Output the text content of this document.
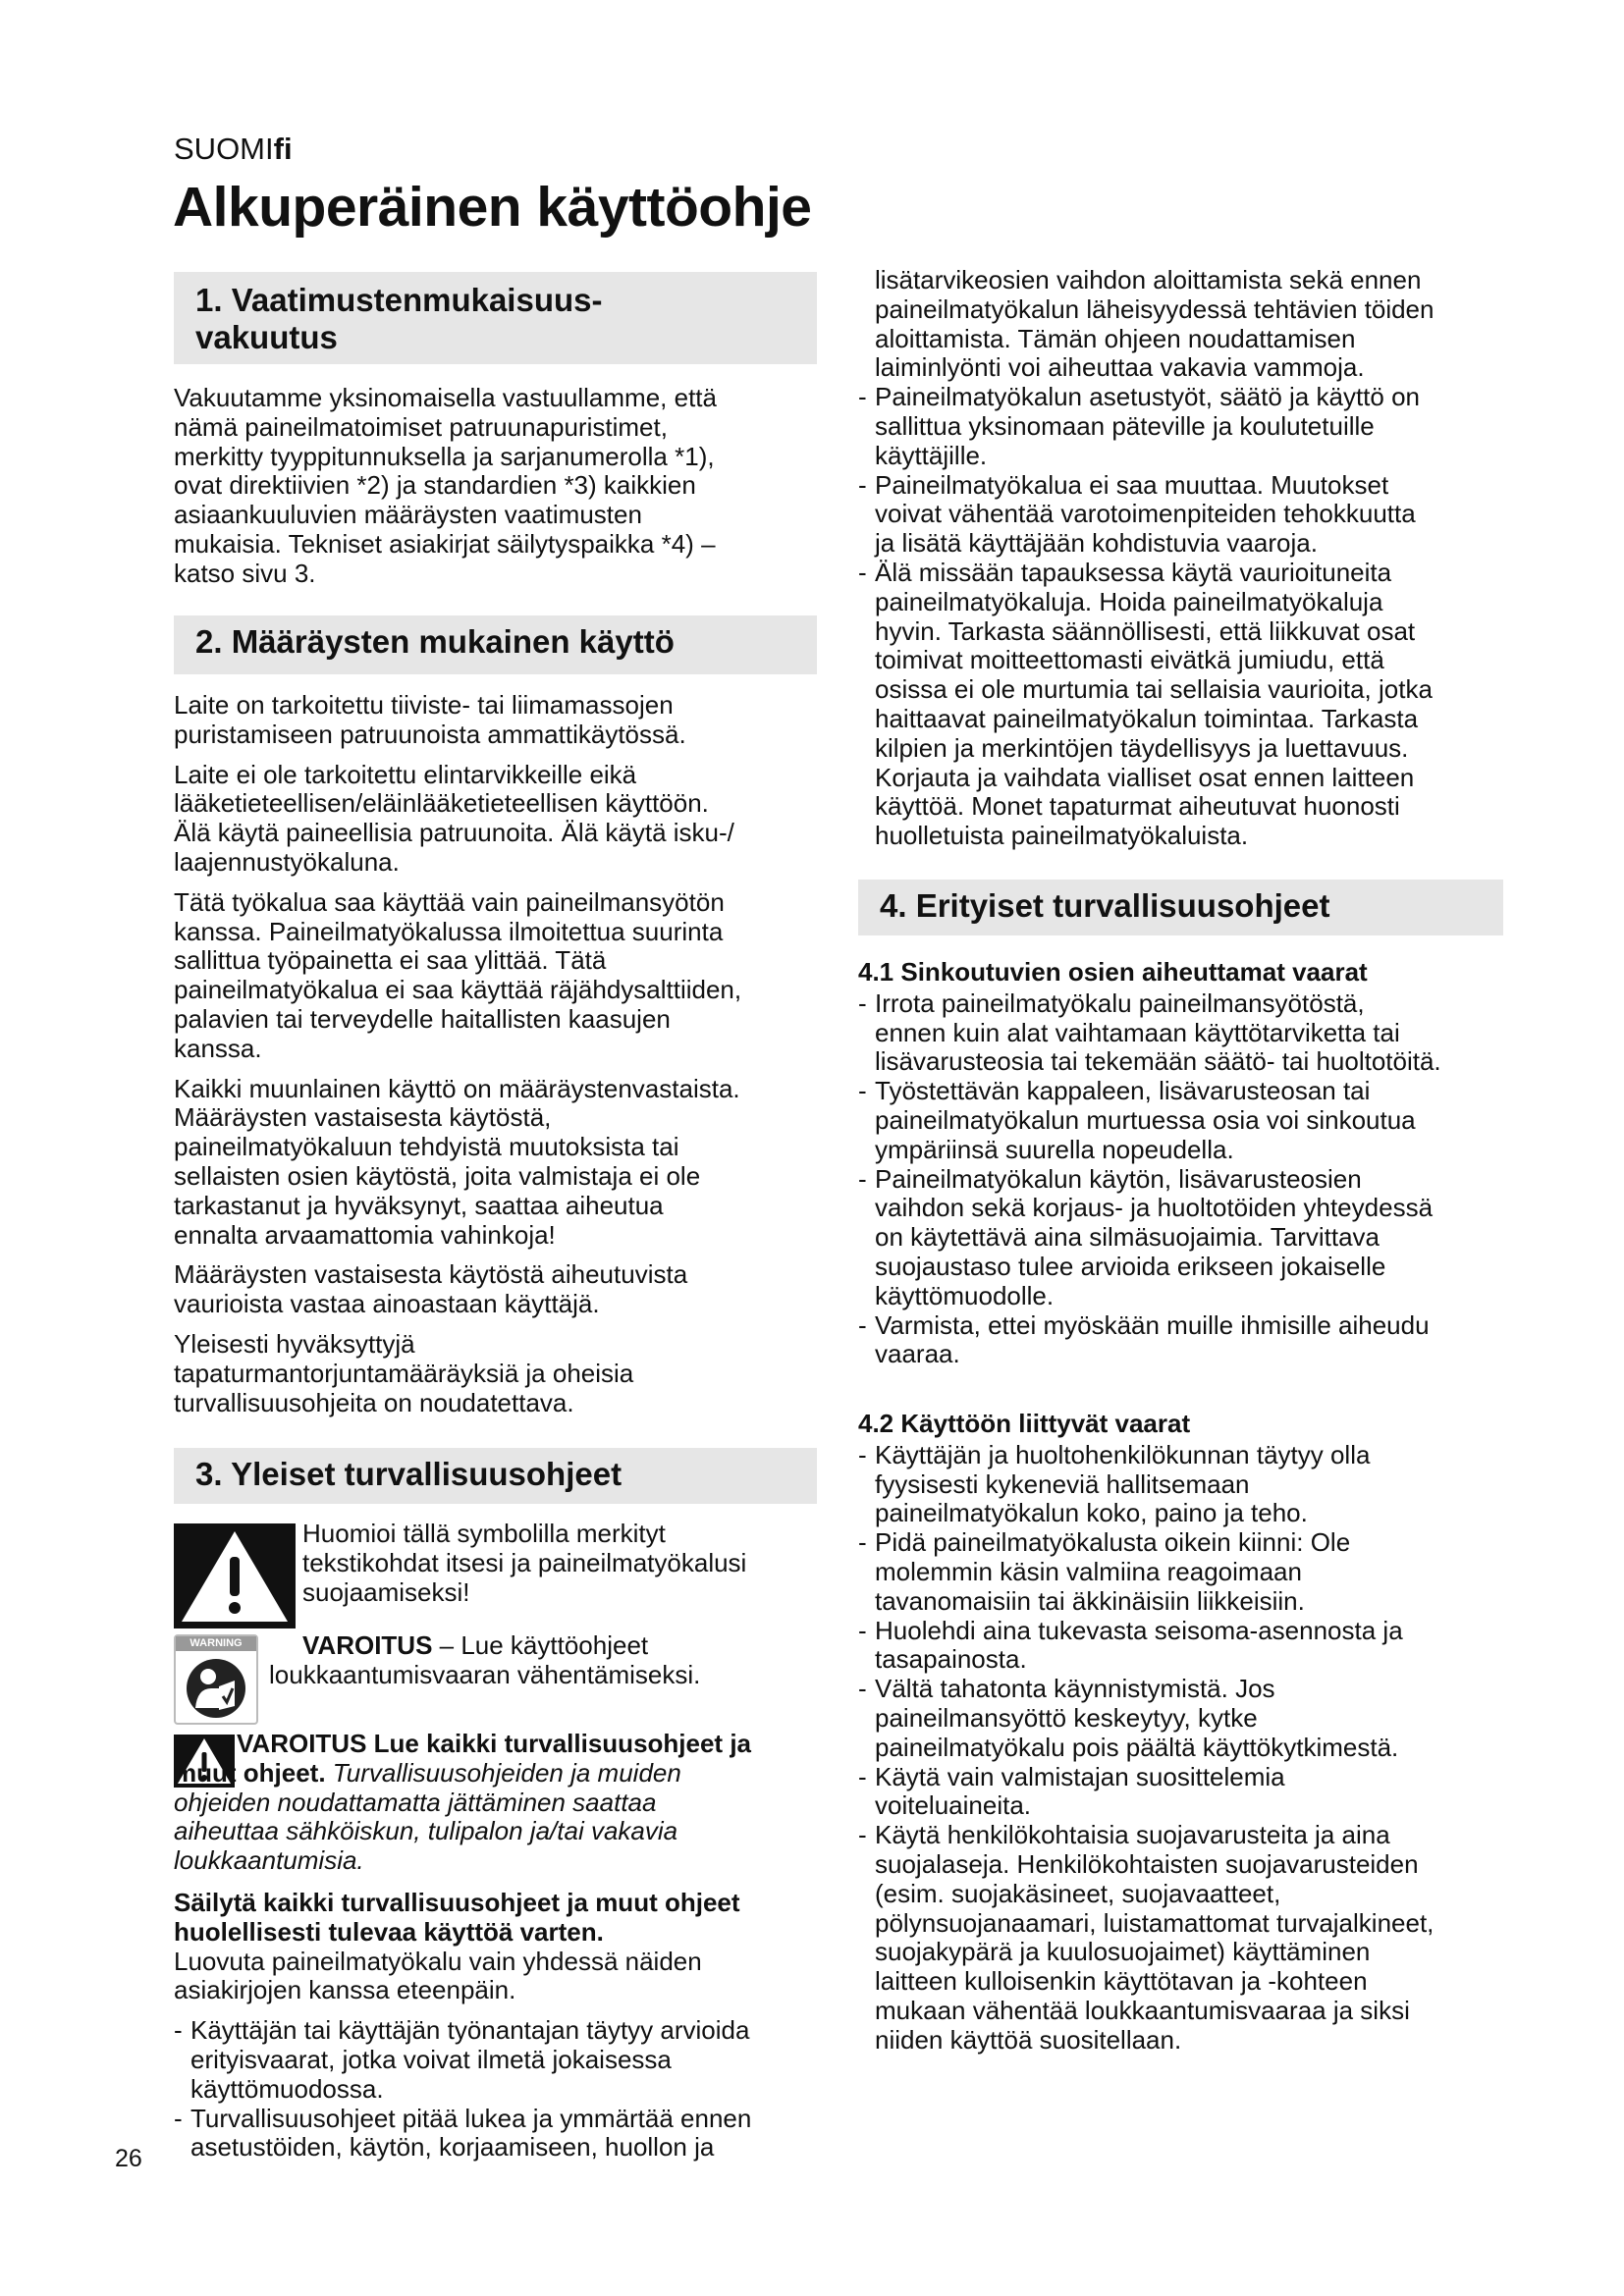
SUOMIfi
Alkuperäinen käyttöohje
1. Vaatimustenmukaisuus-
vakuutus

Vakuutamme yksinomaisella vastuullamme, että
nämä paineilmatoimiset patruunapuristimet,
merkitty tyyppitunnuksella ja sarjanumerolla *1),
ovat direktiivien *2) ja standardien *3) kaikkien
asiaankuuluvien määräysten vaatimusten
mukaisia. Tekniset asiakirjat säilytyspaikka *4) –
katso sivu 3.

2. Määräysten mukainen käyttö

Laite on tarkoitettu tiiviste- tai liimamassojen
puristamiseen patruunoista ammattikäytössä.

Laite ei ole tarkoitettu elintarvikkeille eikä
lääketieteellisen/eläinlääketieteellisen käyttöön.
Älä käytä paineellisia patruunoita. Älä käytä isku-/
laajennustyökaluna.

Tätä työkalua saa käyttää vain paineilmansyötön
kanssa. Paineilmatyökalussa ilmoitettua suurinta
sallittua työpainetta ei saa ylittää. Tätä
paineilmatyökalua ei saa käyttää räjähdysalttiiden,
palavien tai terveydelle haitallisten kaasujen
kanssa.

Kaikki muunlainen käyttö on määräystenvastaista.
Määräysten vastaisesta käytöstä,
paineilmatyökaluun tehdyistä muutoksista tai
sellaisten osien käytöstä, joita valmistaja ei ole
tarkastanut ja hyväksynyt, saattaa aiheutua
ennalta arvaamattomia vahinkoja!

Määräysten vastaisesta käytöstä aiheutuvista
vaurioista vastaa ainoastaan käyttäjä.

Yleisesti hyväksyttyjä
tapaturmantorjuntamääräyksiä ja oheisia
turvallisuusohjeita on noudatettava.

3. Yleiset turvallisuusohjeet
Huomioi tällä symbolilla merkityt
tekstikohdat itsesi ja paineilmatyökalusi
suojaamiseksi!
WARNING	VAROITUS – Lue käyttöohjeet
loukkaantumisvaaran vähentämiseksi.
VAROITUS Lue kaikki turvallisuusohjeet ja
muut ohjeet. Turvallisuusohjeiden ja muiden
ohjeiden noudattamatta jättäminen saattaa
aiheuttaa sähköiskun, tulipalon ja/tai vakavia
loukkaantumisia.
Säilytä kaikki turvallisuusohjeet ja muut ohjeet
huolellisesti tulevaa käyttöä varten.

Luovuta paineilmatyökalu vain yhdessä näiden
asiakirjojen kanssa eteenpäin.

- Käyttäjän tai käyttäjän työnantajan täytyy arvioida
erityisvaarat, jotka voivat ilmetä jokaisessa
käyttömuodossa.
- Turvallisuusohjeet pitää lukea ja ymmärtää ennen
asetustöiden, käytön, korjaamiseen, huollon ja
26
lisätarvikeosien vaihdon aloittamista sekä ennen
paineilmatyökalun läheisyydessä tehtävien töiden
aloittamista. Tämän ohjeen noudattamisen
laiminlyönti voi aiheuttaa vakavia vammoja.
- Paineilmatyökalun asetustyöt, säätö ja käyttö on
sallittua yksinomaan päteville ja koulutetuille
käyttäjille.
- Paineilmatyökalua ei saa muuttaa. Muutokset
voivat vähentää varotoimenpiteiden tehokkuutta
ja lisätä käyttäjään kohdistuvia vaaroja.
- Älä missään tapauksessa käytä vaurioituneita
paineilmatyökaluja. Hoida paineilmatyökaluja
hyvin. Tarkasta säännöllisesti, että liikkuvat osat
toimivat moitteettomasti eivätkä jumiudu, että
osissa ei ole murtumia tai sellaisia vaurioita, jotka
haittaavat paineilmatyökalun toimintaa. Tarkasta
kilpien ja merkintöjen täydellisyys ja luettavuus.
Korjauta ja vaihdata vialliset osat ennen laitteen
käyttöä. Monet tapaturmat aiheutuvat huonosti
huolletuista paineilmatyökaluista.
4. Erityiset turvallisuusohjeet
4.1 Sinkoutuvien osien aiheuttamat vaarat
- Irrota paineilmatyökalu paineilmansyötöstä,
ennen kuin alat vaihtamaan käyttötarviketta tai
lisävarusteosia tai tekemään säätö- tai huoltotöitä.
- Työstettävän kappaleen, lisävarusteosan tai
paineilmatyökalun murtuessa osia voi sinkoutua
ympäriinsä suurella nopeudella.
- Paineilmatyökalun käytön, lisävarusteosien
vaihdon sekä korjaus- ja huoltotöiden yhteydessä
on käytettävä aina silmäsuojaimia. Tarvittava
suojaustaso tulee arvioida erikseen jokaiselle
käyttömuodolle.
- Varmista, ettei myöskään muille ihmisille aiheudu
vaaraa.
4.2 Käyttöön liittyvät vaarat
- Käyttäjän ja huoltohenkilökunnan täytyy olla
fyysisesti kykeneviä hallitsemaan
paineilmatyökalun koko, paino ja teho.
- Pidä paineilmatyökalusta oikein kiinni: Ole
molemmin käsin valmiina reagoimaan
tavanomaisiin tai äkkinäisiin liikkeisiin.
- Huolehdi aina tukevasta seisoma-asennosta ja
tasapainosta.
- Vältä tahatonta käynnistymistä. Jos
paineilmansyöttö keskeytyy, kytke
paineilmatyökalu pois päältä käyttökytkimestä.
- Käytä vain valmistajan suosittelemia
voiteluaineita.
- Käytä henkilökohtaisia suojavarusteita ja aina
suojalaseja. Henkilökohtaisten suojavarusteiden
(esim. suojakäsineet, suojavaatteet,
pölynsuojanaamari, luistamattomat turvajalkineet,
suojakypärä ja kuulosuojaimet) käyttäminen
laitteen kulloisenkin käyttötavan ja -kohteen
mukaan vähentää loukkaantumisvaaraa ja siksi
niiden käyttöä suositellaan.
